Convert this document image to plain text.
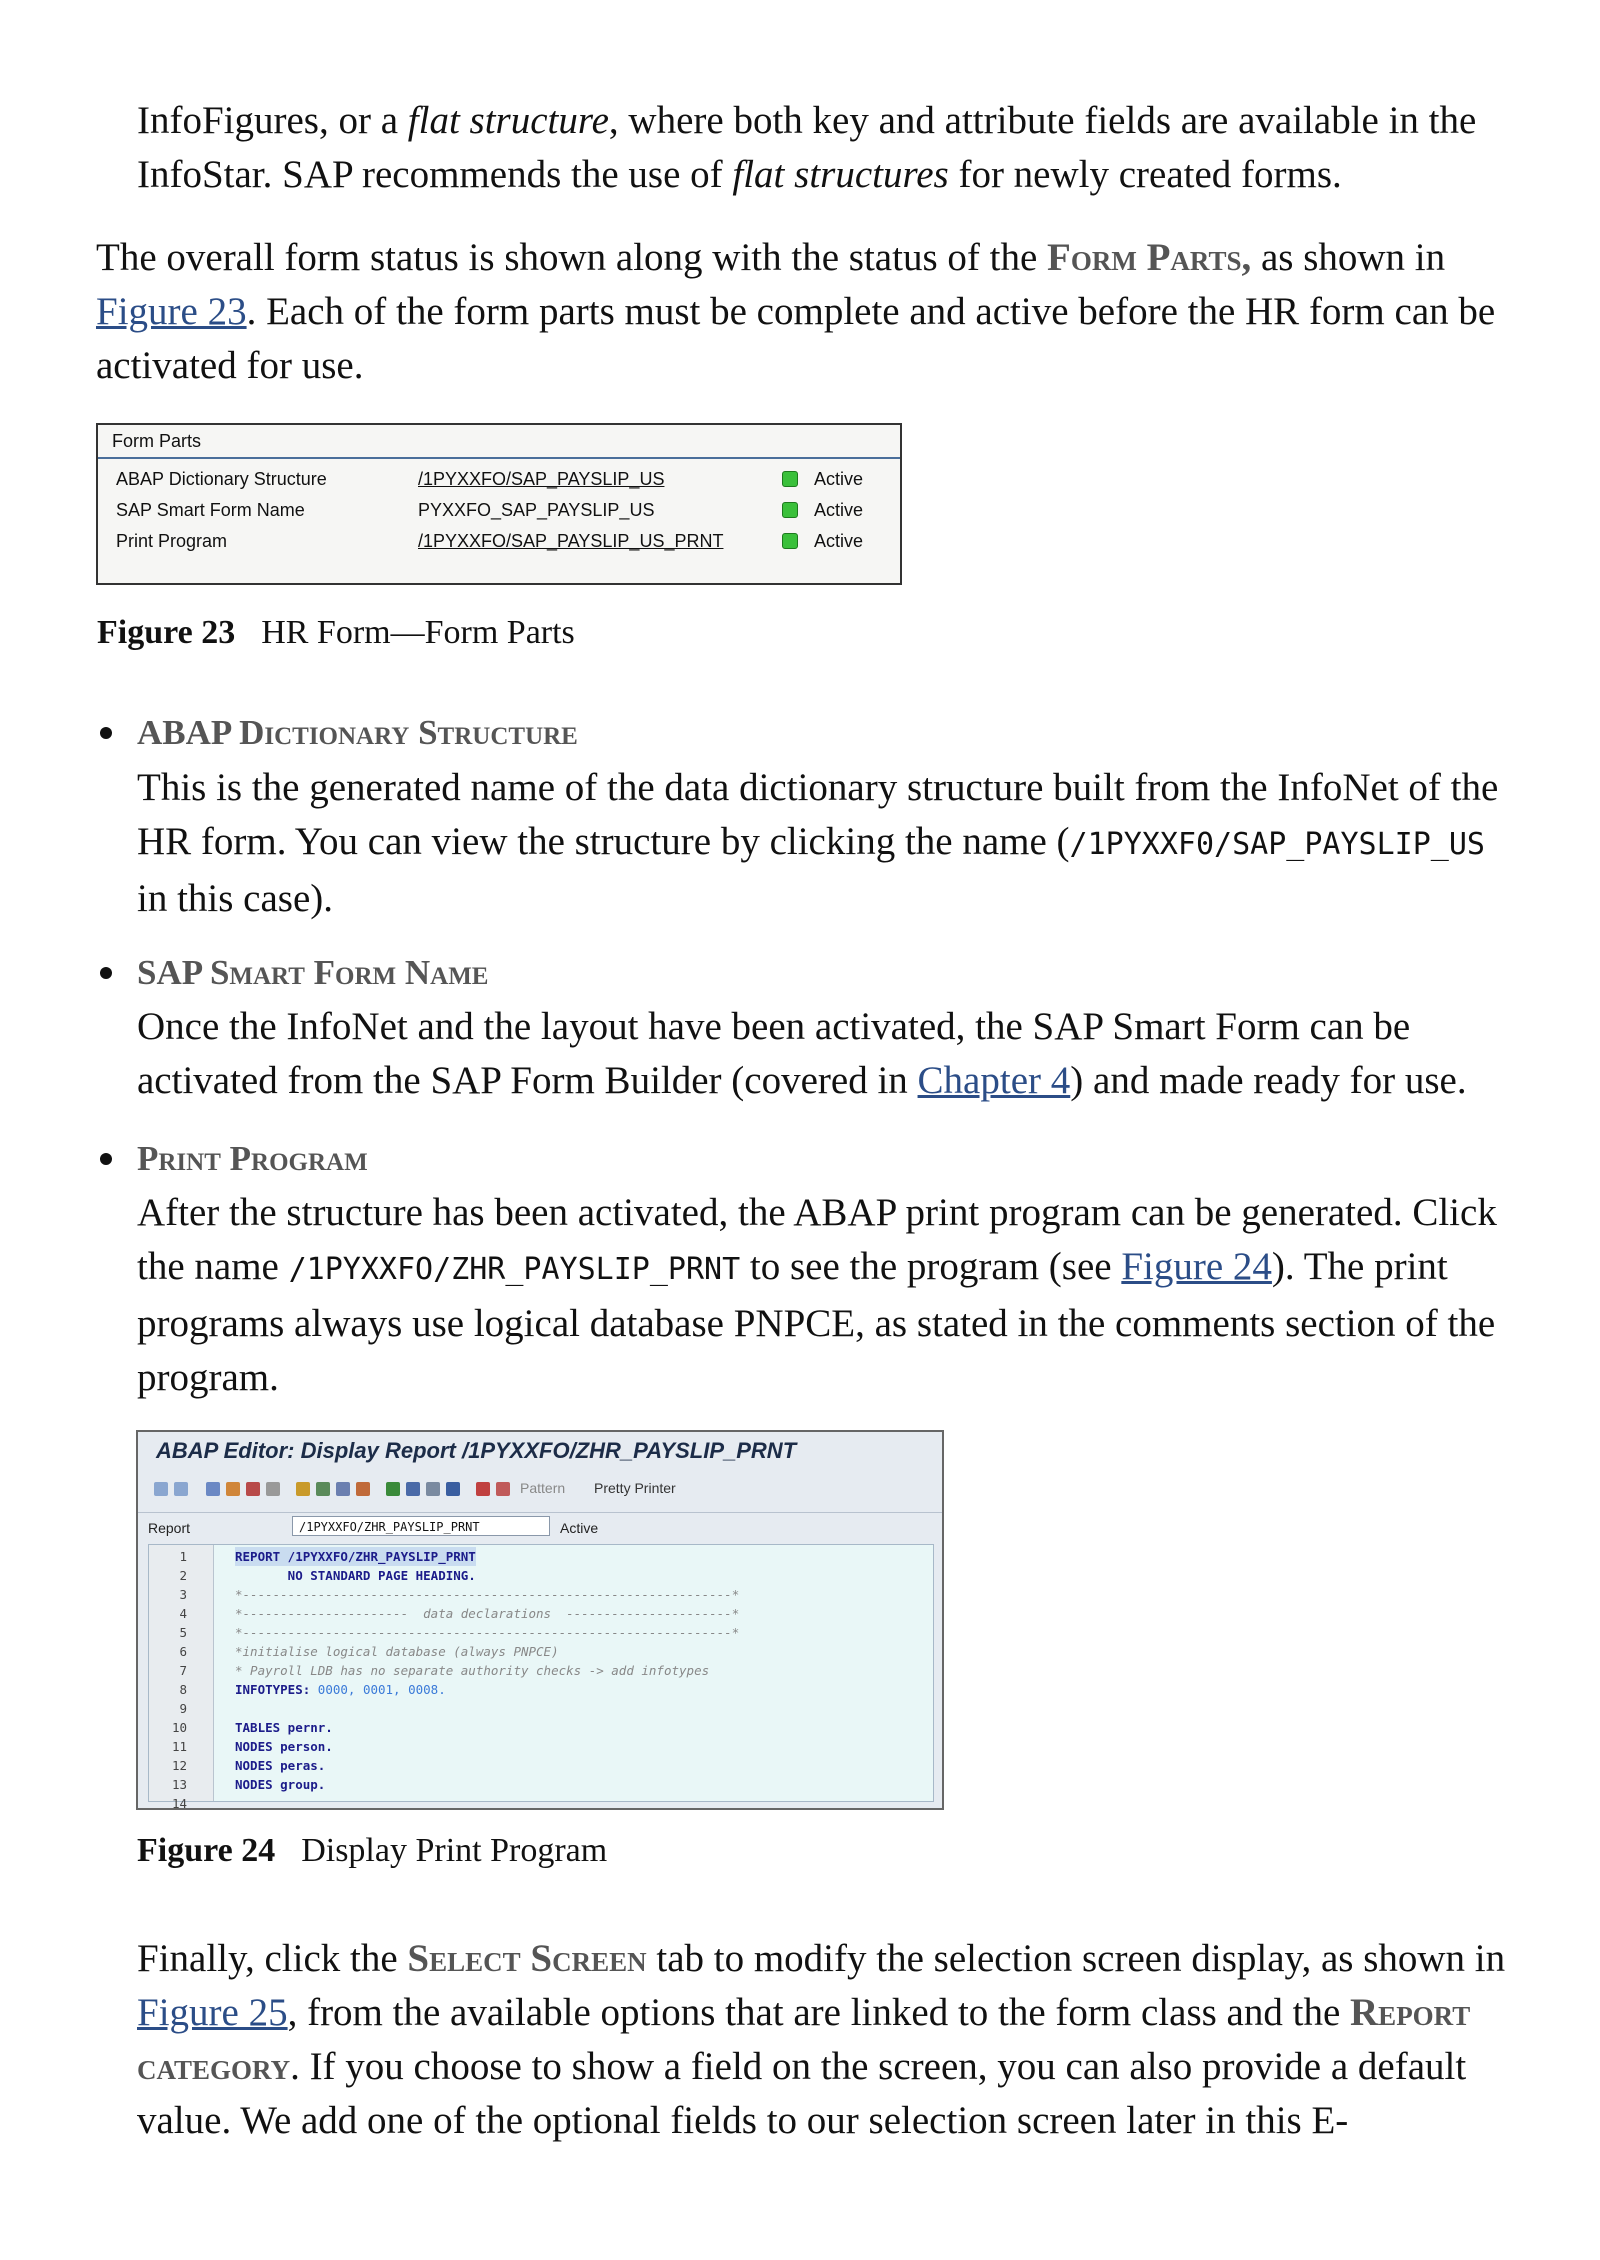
InfoFigures, or a flat structure, where both key and attribute fields are available in the InfoStar. SAP recommends the use of flat structures for newly created forms.

The overall form status is shown along with the status of the Form Parts, as shown in Figure 23. Each of the form parts must be complete and active before the HR form can be activated for use.

Form Parts
ABAP Dictionary Structure	/1PYXXFO/SAP_PAYSLIP_US	Active
SAP Smart Form Name	PYXXFO_SAP_PAYSLIP_US	Active
Print Program	/1PYXXFO/SAP_PAYSLIP_US_PRNT	Active

Figure 23 HR Form—Form Parts

ABAP Dictionary Structure

This is the generated name of the data dictionary structure built from the InfoNet of the HR form. You can view the structure by clicking the name (/1PYXXF0/SAP_PAYSLIP_US in this case).

SAP Smart Form Name

Once the InfoNet and the layout have been activated, the SAP Smart Form can be activated from the SAP Form Builder (covered in Chapter 4) and made ready for use.

Print Program

After the structure has been activated, the ABAP print program can be generated. Click the name /1PYXXFO/ZHR_PAYSLIP_PRNT to see the program (see Figure 24). The print programs always use logical database PNPCE, as stated in the comments section of the program.

ABAP Editor: Display Report /1PYXXFO/ZHR_PAYSLIP_PRNT
Pattern Pretty Printer
Report	/1PYXXFO/ZHR_PAYSLIP_PRNT	Active
1	REPORT /1PYXXFO/ZHR_PAYSLIP_PRNT
2	NO STANDARD PAGE HEADING.
3	*-----------------------------------------------------------------*
4	*----------------------  data declarations  ----------------------*
5	*-----------------------------------------------------------------*
6	*initialise logical database (always PNPCE)
7	* Payroll LDB has no separate authority checks -> add infotypes
8	INFOTYPES: 0000, 0001, 0008.
9
10	TABLES pernr.
11	NODES person.
12	NODES peras.
13	NODES group.
14

Figure 24 Display Print Program

Finally, click the Select Screen tab to modify the selection screen display, as shown in Figure 25, from the available options that are linked to the form class and the Report category. If you choose to show a field on the screen, you can also provide a default value. We add one of the optional fields to our selection screen later in this E-
